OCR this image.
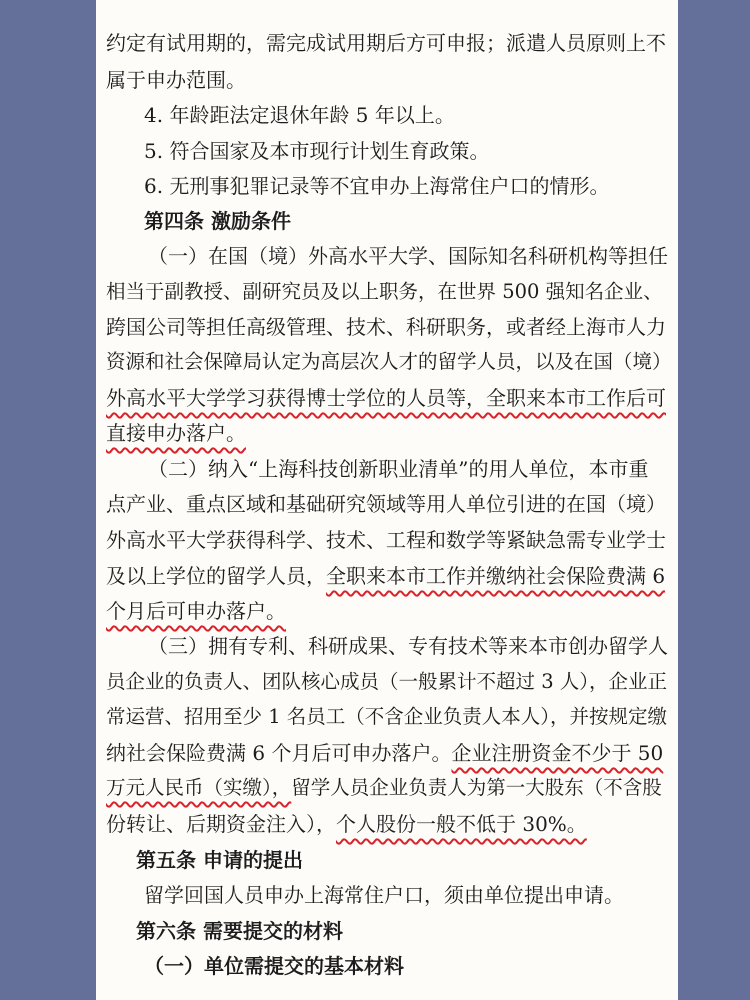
约定有试用期的，需完成试用期后方可申报；派遣人员原则上不
属于申办范围。
4. 年龄距法定退休年龄 5 年以上。
5. 符合国家及本市现行计划生育政策。
6. 无刑事犯罪记录等不宜申办上海常住户口的情形。
第四条 激励条件
（一）在国（境）外高水平大学、国际知名科研机构等担任
相当于副教授、副研究员及以上职务，在世界 500 强知名企业、
跨国公司等担任高级管理、技术、科研职务，或者经上海市人力
资源和社会保障局认定为高层次人才的留学人员，以及在国（境）
外高水平大学学习获得博士学位的人员等，全职来本市工作后可
直接申办落户。
（二）纳入“上海科技创新职业清单”的用人单位，本市重
点产业、重点区域和基础研究领域等用人单位引进的在国（境）
外高水平大学获得科学、技术、工程和数学等紧缺急需专业学士
及以上学位的留学人员，全职来本市工作并缴纳社会保险费满 6
个月后可申办落户。
（三）拥有专利、科研成果、专有技术等来本市创办留学人
员企业的负责人、团队核心成员（一般累计不超过 3 人），企业正
常运营、招用至少 1 名员工（不含企业负责人本人），并按规定缴
纳社会保险费满 6 个月后可申办落户。企业注册资金不少于 50
万元人民币（实缴），留学人员企业负责人为第一大股东（不含股
份转让、后期资金注入），个人股份一般不低于 30%。
第五条 申请的提出
留学回国人员申办上海常住户口，须由单位提出申请。
第六条 需要提交的材料
（一）单位需提交的基本材料
